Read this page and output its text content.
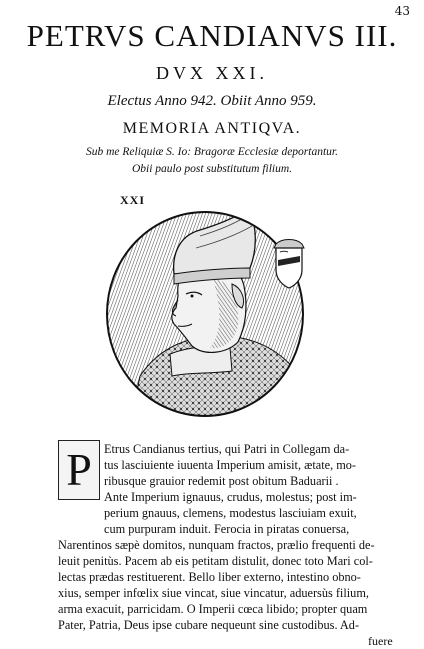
43
PETRVS CANDIANVS III.
DVX XXI.
Electus Anno 942. Obiit Anno 959.
MEMORIA ANTIQVA.
Sub me Reliquiæ S. Io: Bragoræ Ecclesiæ deportantur.
Obii paulo post substitutum filium.
XXI
P Etrus Candianus tertius, qui Patri in Collegam da-
tus lasciuiente iuuenta Imperium amisit, ætate, mo-
ribusque grauior redemit post obitum Baduarii .
Ante Imperium ignauus, crudus, molestus; post im-
perium gnauus, clemens, modestus lasciuiam exuit,
cum purpuram induit. Ferocia in piratas conuersa,
Narentinos sæpè domitos, nunquam fractos, prælio frequenti de-
leuit penitùs. Pacem ab eis petitam distulit, donec toto Mari col-
lectas prædas restituerent. Bello liber externo, intestino obno-
xius, semper infœlix siue vincat, siue vincatur, aduersùs filium,
arma exacuit, parricidam. O Imperii cœca libido; propter quam
Pater, Patria, Deus ipse cubare nequeunt sine custodibus. Ad-
fuere
